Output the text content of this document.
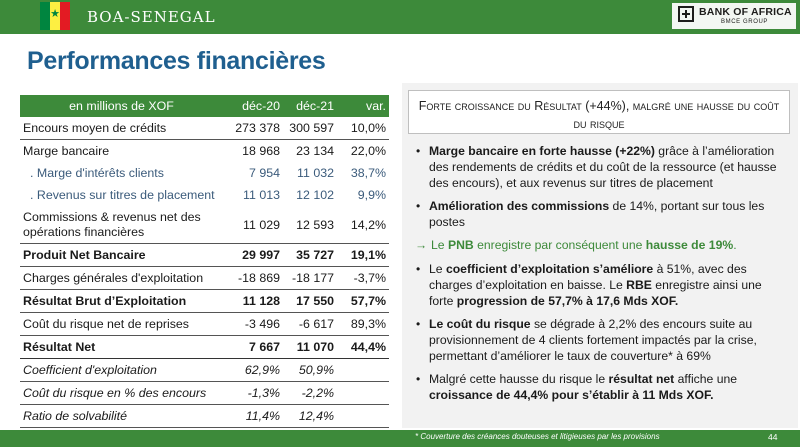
★ BOA-SENEGAL	BANK OF AFRICA
BMCE GROUP
Performances financières
en millions de XOF	déc-20	déc-21	var.
Encours moyen de crédits	273 378	300 597	10,0%
Marge bancaire	18 968	23 134	22,0%
. Marge d'intérêts clients	7 954	11 032	38,7%
. Revenus sur titres de placement	11 013	12 102	9,9%
Commissions & revenus net des opérations financières	11 029	12 593	14,2%
Produit Net Bancaire	29 997	35 727	19,1%
Charges générales d'exploitation	-18 869	-18 177	-3,7%
Résultat Brut d’Exploitation	11 128	17 550	57,7%
Coût du risque net de reprises	-3 496	-6 617	89,3%
Résultat Net	7 667	11 070	44,4%
Coefficient d'exploitation	62,9%	50,9%	
Coût du risque en % des encours	-1,3%	-2,2%	
Ratio de solvabilité	11,4%	12,4%	
Forte croissance du Résultat (+44%), malgré une hausse du coût du risque
• Marge bancaire en forte hausse (+22%) grâce à l’amélioration des rendements de crédits et du coût de la ressource (et hausse des encours), et aux revenus sur titres de placement
• Amélioration des commissions de 14%, portant sur tous les postes
→ Le PNB enregistre par conséquent une hausse de 19%.
• Le coefficient d’exploitation s’améliore à 51%, avec des charges d’exploitation en baisse. Le RBE enregistre ainsi une forte progression de 57,7% à 17,6 Mds XOF.
• Le coût du risque se dégrade à 2,2% des encours suite au provisionnement de 4 clients fortement impactés par la crise, permettant d’améliorer le taux de couverture* à 69%
• Malgré cette hausse du risque le résultat net affiche une croissance de 44,4% pour s’établir à 11 Mds XOF.
* Couverture des créances douteuses et litigieuses par les provisions	44
